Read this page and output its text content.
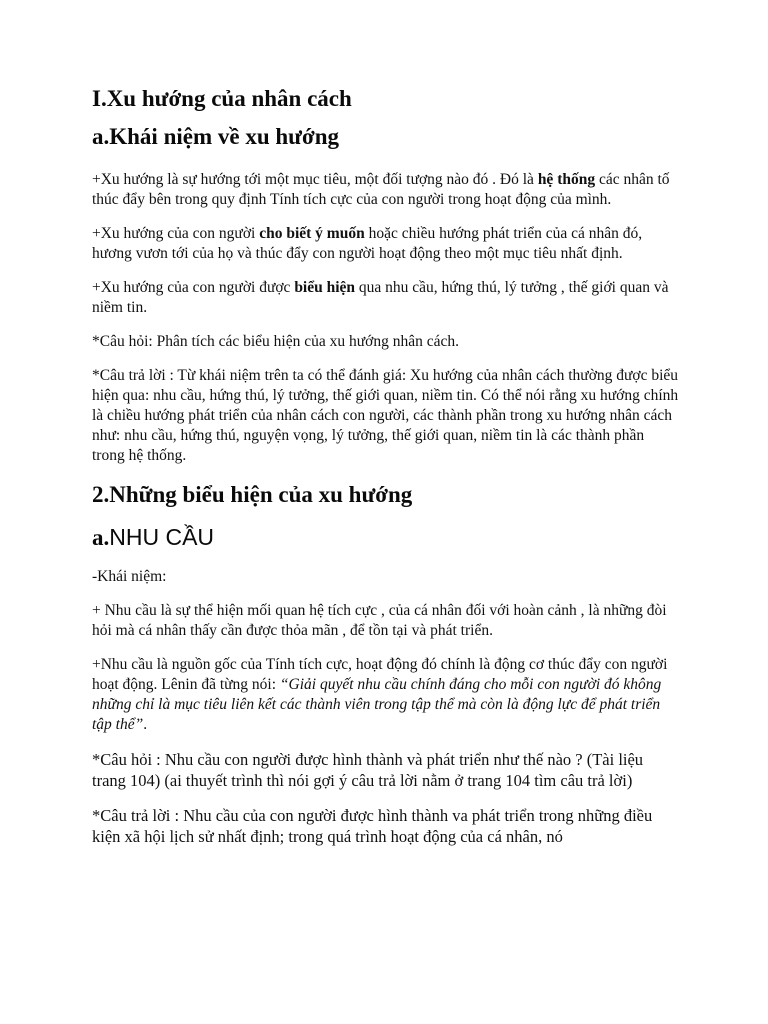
I.Xu hướng của nhân cách
a.Khái niệm về xu hướng

+Xu hướng là sự hướng tới một mục tiêu, một đối tượng nào đó . Đó là hệ thống các nhân tố thúc đẩy bên trong quy định Tính tích cực của con người trong hoạt động của mình.

+Xu hướng của con người cho biết ý muốn hoặc chiều hướng phát triển của cá nhân đó, hương vươn tới của họ và thúc đẩy con người hoạt động theo một mục tiêu nhất định.

+Xu hướng của con người được biểu hiện qua nhu cầu, hứng thú, lý tưởng , thế giới quan và niềm tin.

*Câu hỏi: Phân tích các biểu hiện của xu hướng nhân cách.

*Câu trả lời : Từ khái niệm trên ta có thể đánh giá: Xu hướng của nhân cách thường được biểu hiện qua: nhu cầu, hứng thú, lý tưởng, thế giới quan, niềm tin. Có thể nói rằng xu hướng chính là chiều hướng phát triển của nhân cách con người, các thành phần trong xu hướng nhân cách như: nhu cầu, hứng thú, nguyện vọng, lý tưởng, thế giới quan, niềm tin là các thành phần trong hệ thống.

2.Những biểu hiện của xu hướng
a.NHU CẦU

-Khái niệm:

+ Nhu cầu là sự thể hiện mối quan hệ tích cực , của cá nhân đối với hoàn cảnh , là những đòi hỏi mà cá nhân thấy cần được thỏa mãn , để tồn tại và phát triển.

+Nhu cầu là nguồn gốc của Tính tích cực, hoạt động đó chính là động cơ thúc đẩy con người hoạt động. Lênin đã từng nói: “Giải quyết nhu cầu chính đáng cho mỗi con người đó không những chỉ là mục tiêu liên kết các thành viên trong tập thể mà còn là động lực để phát triển tập thể”.

*Câu hỏi : Nhu cầu con người được hình thành và phát triển như thế nào ? (Tài liệu trang 104) (ai thuyết trình thì nói gợi ý câu trả lời nằm ở trang 104 tìm câu trả lời)

*Câu trả lời : Nhu cầu của con người được hình thành va phát triển trong những điều kiện xã hội lịch sử nhất định; trong quá trình hoạt động của cá nhân, nó
